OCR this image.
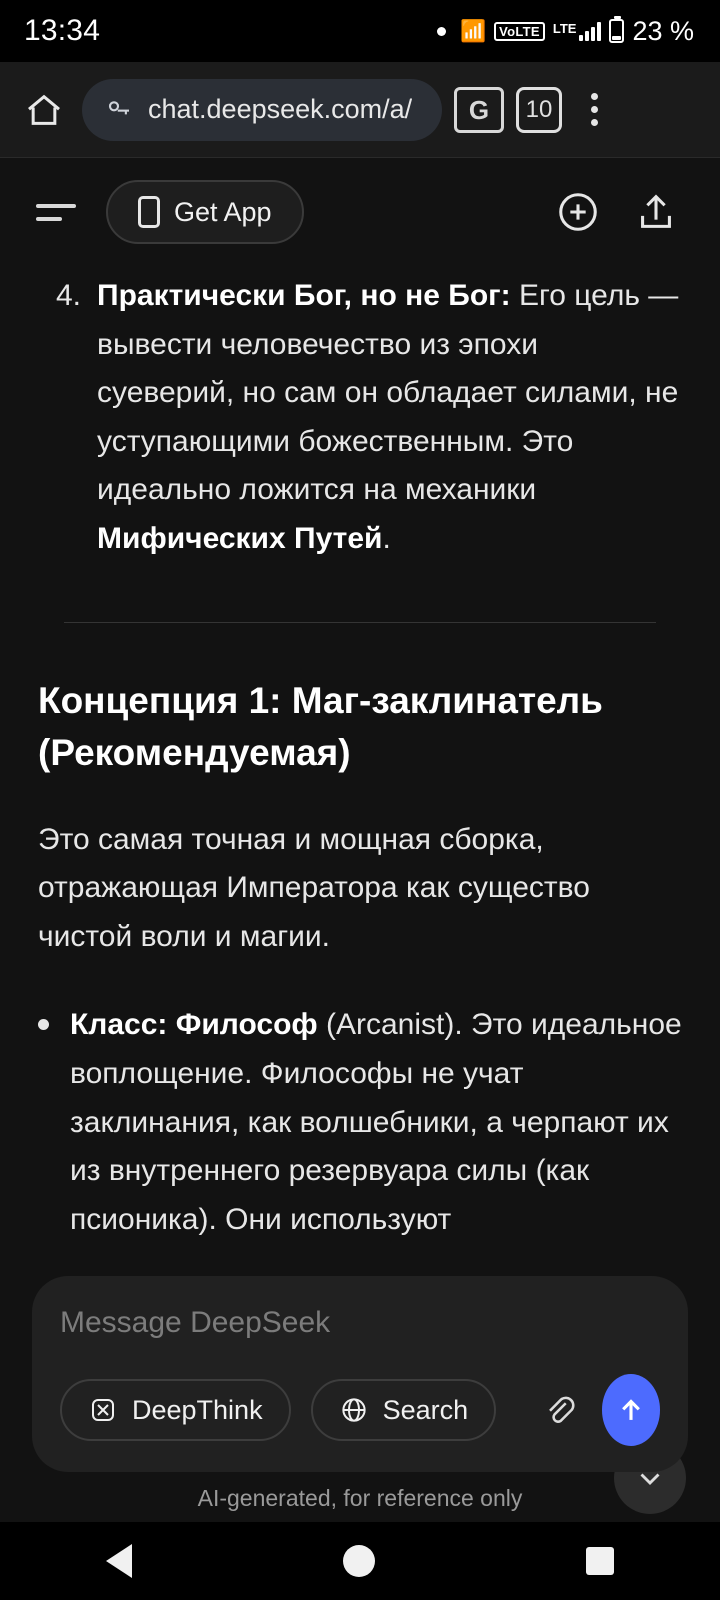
13:34	📶	VoLTE	LTE 23 %
chat.deepseek.com/a/ G 10
Get App
4. Практически Бог, но не Бог: Его цель — вывести человечество из эпохи суеверий, но сам он обладает силами, не уступающими божественным. Это идеально ложится на механики Мифических Путей.
Концепция 1: Маг-заклинатель (Рекомендуемая)

Это самая точная и мощная сборка, отражающая Императора как существо чистой воли и магии.

Класс: Философ (Arcanist). Это идеальное воплощение. Философы не учат заклинания, как волшебники, а черпают их из внутреннего резервуара силы (как псионика). Они используют
Message DeepSeek
DeepThink	Search
AI-generated, for reference only
